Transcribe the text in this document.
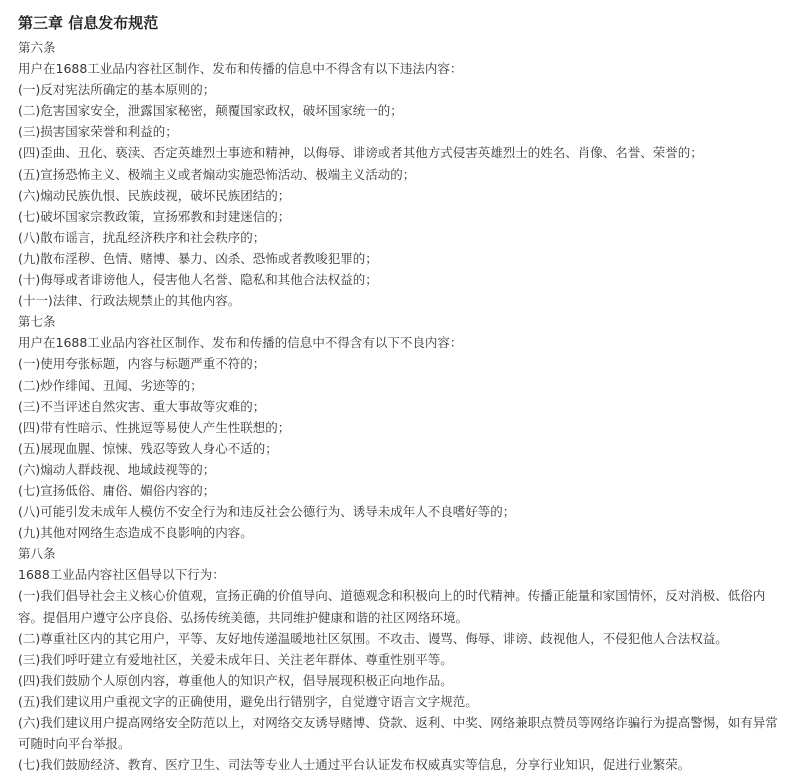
第三章 信息发布规范
第六条
用户在1688工业品内容社区制作、发布和传播的信息中不得含有以下违法内容：
(一)反对宪法所确定的基本原则的；
(二)危害国家安全，泄露国家秘密，颠覆国家政权，破坏国家统一的；
(三)损害国家荣誉和利益的；
(四)歪曲、丑化、亵渎、否定英雄烈士事迹和精神，以侮辱、诽谤或者其他方式侵害英雄烈士的姓名、肖像、名誉、荣誉的；
(五)宣扬恐怖主义、极端主义或者煽动实施恐怖活动、极端主义活动的；
(六)煽动民族仇恨、民族歧视，破坏民族团结的；
(七)破坏国家宗教政策，宣扬邪教和封建迷信的；
(八)散布谣言，扰乱经济秩序和社会秩序的；
(九)散布淫秽、色情、赌博、暴力、凶杀、恐怖或者教唆犯罪的；
(十)侮辱或者诽谤他人，侵害他人名誉、隐私和其他合法权益的；
(十一)法律、行政法规禁止的其他内容。
第七条
用户在1688工业品内容社区制作、发布和传播的信息中不得含有以下不良内容：
(一)使用夸张标题，内容与标题严重不符的；
(二)炒作绯闻、丑闻、劣迹等的；
(三)不当评述自然灾害、重大事故等灾难的；
(四)带有性暗示、性挑逗等易使人产生性联想的；
(五)展现血腥、惊悚、残忍等致人身心不适的；
(六)煽动人群歧视、地域歧视等的；
(七)宣扬低俗、庸俗、媚俗内容的；
(八)可能引发未成年人模仿不安全行为和违反社会公德行为、诱导未成年人不良嗜好等的；
(九)其他对网络生态造成不良影响的内容。
第八条
1688工业品内容社区倡导以下行为：
(一)我们倡导社会主义核心价值观，宣扬正确的价值导向、道德观念和积极向上的时代精神。传播正能量和家国情怀，反对消极、低俗内容。提倡用户遵守公序良俗、弘扬传统美德，共同维护健康和谐的社区网络环境。
(二)尊重社区内的其它用户，平等、友好地传递温暖地社区氛围。不攻击、谩骂、侮辱、诽谤、歧视他人，不侵犯他人合法权益。
(三)我们呼吁建立有爱地社区，关爱未成年日、关注老年群体、尊重性别平等。
(四)我们鼓励个人原创内容，尊重他人的知识产权，倡导展现积极正向地作品。
(五)我们建议用户重视文字的正确使用，避免出行错别字，自觉遵守语言文字规范。
(六)我们建议用户提高网络安全防范以上，对网络交友诱导赌博、贷款、返利、中奖、网络兼职点赞员等网络诈骗行为提高警惕，如有异常可随时向平台举报。
(七)我们鼓励经济、教育、医疗卫生、司法等专业人士通过平台认证发布权威真实等信息，分享行业知识，促进行业繁荣。
